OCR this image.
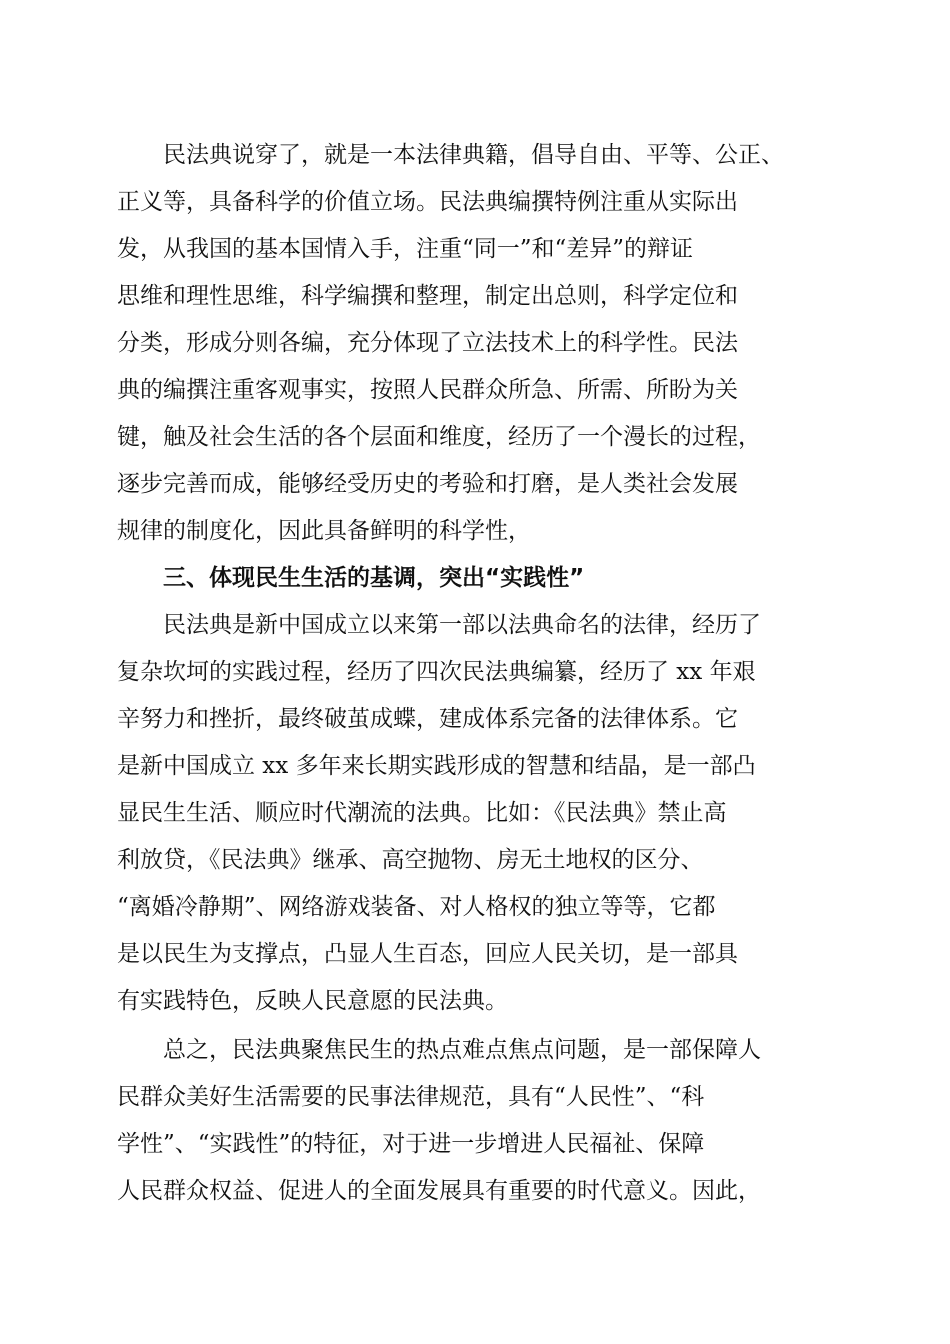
　　民法典说穿了，就是一本法律典籍，倡导自由、平等、公正、
正义等，具备科学的价值立场。民法典编撰特例注重从实际出
发，从我国的基本国情入手，注重“同一”和“差异”的辩证
思维和理性思维，科学编撰和整理，制定出总则，科学定位和
分类，形成分则各编，充分体现了立法技术上的科学性。民法
典的编撰注重客观事实，按照人民群众所急、所需、所盼为关
键，触及社会生活的各个层面和维度，经历了一个漫长的过程，
逐步完善而成，能够经受历史的考验和打磨，是人类社会发展
规律的制度化，因此具备鲜明的科学性，
　　三、体现民生生活的基调，突出“实践性”
　　民法典是新中国成立以来第一部以法典命名的法律，经历了
复杂坎坷的实践过程，经历了四次民法典编纂，经历了 xx 年艰
辛努力和挫折，最终破茧成蝶，建成体系完备的法律体系。它
是新中国成立 xx 多年来长期实践形成的智慧和结晶，是一部凸
显民生生活、顺应时代潮流的法典。比如：《民法典》禁止高
利放贷，《民法典》继承、高空抛物、房无土地权的区分、
“离婚冷静期”、网络游戏装备、对人格权的独立等等，它都
是以民生为支撑点，凸显人生百态，回应人民关切，是一部具
有实践特色，反映人民意愿的民法典。
　　总之，民法典聚焦民生的热点难点焦点问题，是一部保障人
民群众美好生活需要的民事法律规范，具有“人民性”、“科
学性”、“实践性”的特征，对于进一步增进人民福祉、保障
人民群众权益、促进人的全面发展具有重要的时代意义。因此，
